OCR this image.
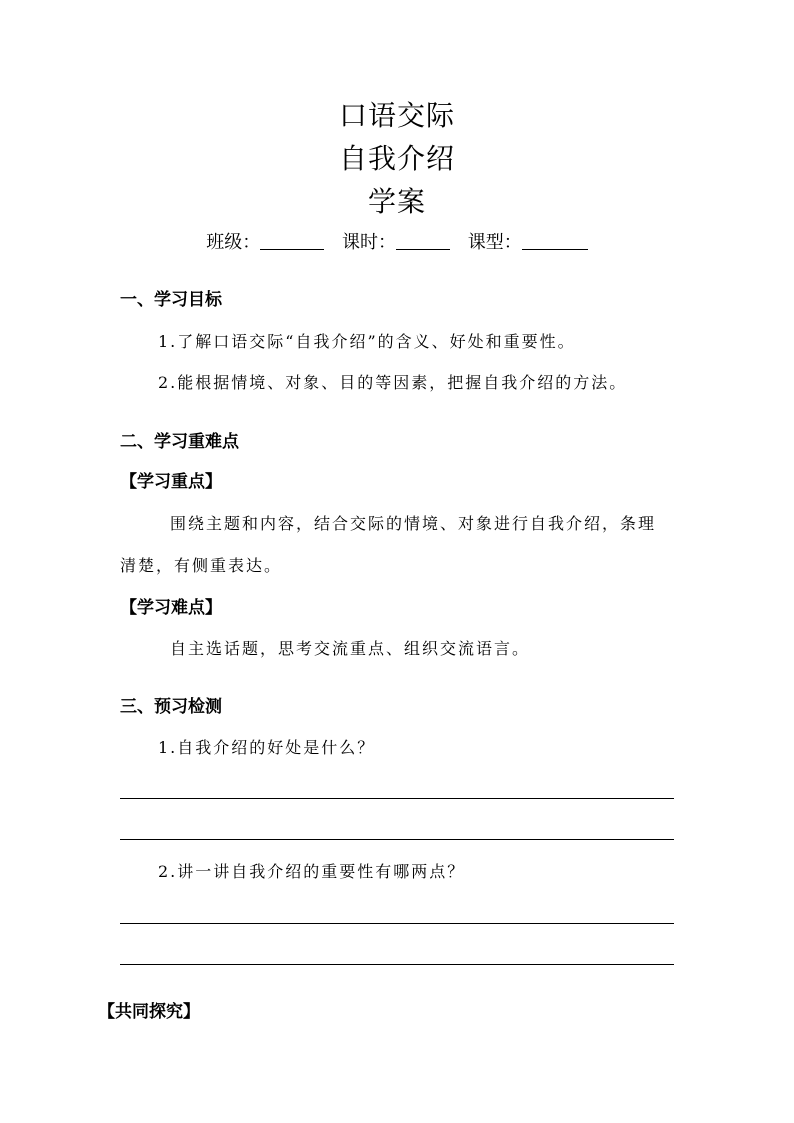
口语交际
自我介绍
学案
班级：	课时：	课型：
一、学习目标
1.了解口语交际“自我介绍”的含义、好处和重要性。
2.能根据情境、对象、目的等因素，把握自我介绍的方法。
二、学习重难点
【学习重点】
围绕主题和内容，结合交际的情境、对象进行自我介绍，条理
清楚，有侧重表达。
【学习难点】
自主选话题，思考交流重点、组织交流语言。
三、预习检测
1.自我介绍的好处是什么？
2.讲一讲自我介绍的重要性有哪两点？
【共同探究】
